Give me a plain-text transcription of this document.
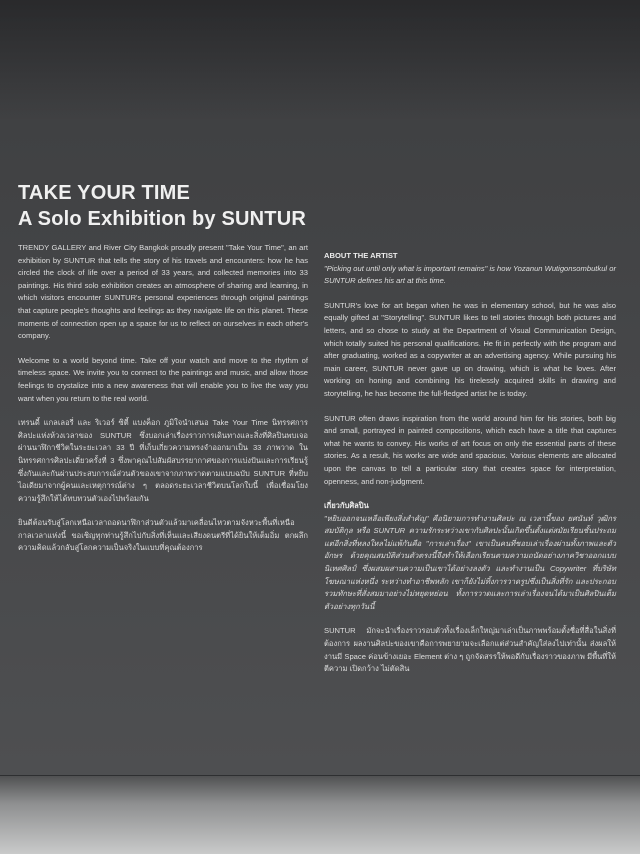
TAKE YOUR TIME
A Solo Exhibition by SUNTUR

TRENDY GALLERY and River City Bangkok proudly present "Take Your Time", an art exhibition by SUNTUR that tells the story of his travels and encounters: how he has circled the clock of life over a period of 33 years, and collected memories into 33 paintings. His third solo exhibition creates an atmosphere of sharing and learning, in which visitors encounter SUNTUR's personal experiences through original paintings that capture people's thoughts and feelings as they navigate life on this planet. These moments of connection open up a space for us to reflect on ourselves in each other's company.

Welcome to a world beyond time. Take off your watch and move to the rhythm of timeless space. We invite you to connect to the paintings and music, and allow those feelings to crystalize into a new awareness that will enable you to live the way you want when you return to the real world.

เทรนดี้ แกลเลอรี่ และ ริเวอร์ ซิตี้ แบงค็อก ภูมิใจนำเสนอ Take Your Time นิทรรศการศิลปะแห่งห้วงเวลาของ SUNTUR ซึ่งบอกเล่าเรื่องราวการเดินทางและสิ่งที่ศิลปินพบเจอผ่านนาฬิกาชีวิตในระยะเวลา 33 ปี ที่เก็บเกี่ยวความทรงจำออกมาเป็น 33 ภาพวาด ในนิทรรศการศิลปะเดี่ยวครั้งที่ 3 ซึ่งพาคุณไปสัมผัสบรรยากาศของการแบ่งปันและการเรียนรู้ซึ่งกันและกันผ่านประสบการณ์ส่วนตัวของเขาจากภาพวาดตามแบบฉบับ SUNTUR ที่หยิบไอเดียมาจากผู้คนและเหตุการณ์ต่าง ๆ ตลอดระยะเวลาชีวิตบนโลกใบนี้ เพื่อเชื่อมโยงความรู้สึกให้ได้ทบทวนตัวเองไปพร้อมกัน

ยินดีต้อนรับสู่โลกเหนือเวลาถอดนาฬิกาส่วนตัวแล้วมาเคลื่อนไหวตามจังหวะพื้นที่เหนือกาลเวลาแห่งนี้ ขอเชิญทุกท่านรู้สึกไปกับสิ่งที่เห็นและเสียงดนตรีที่ได้ยินให้เต็มอิ่ม ตกผลึกความคิดแล้วกลับสู่โลกความเป็นจริงในแบบที่คุณต้องการ

ABOUT THE ARTIST

"Picking out until only what is important remains" is how Yozanun Wutigonsombutkul or SUNTUR defines his art at this time.

SUNTUR's love for art began when he was in elementary school, but he was also equally gifted at "Storytelling". SUNTUR likes to tell stories through both pictures and letters, and so chose to study at the Department of Visual Communication Design, which totally suited his personal qualifications. He fit in perfectly with the program and after graduating, worked as a copywriter at an advertising agency. While pursuing his main career, SUNTUR never gave up on drawing, which is what he loves. After working on honing and combining his tirelessly acquired skills in drawing and storytelling, he has become the full-fledged artist he is today.

SUNTUR often draws inspiration from the world around him for his stories, both big and small, portrayed in painted compositions, which each have a title that captures what he wants to convey. His works of art focus on only the essential parts of these stories. As a result, his works are wide and spacious. Various elements are allocated upon the canvas to tell a particular story that creates space for interpretation, openness, and non-judgment.

เกี่ยวกับศิลปิน

"หยิบออกจนเหลือเพียงสิ่งสำคัญ" คือนิยามการทำงานศิลปะ ณ เวลานี้ของ ยศนันท์ วุฒิกรสมบัติกุล หรือ SUNTUR ความรักระหว่างเขากับศิลปะนั้นเกิดขึ้นตั้งแต่สมัยเรียนชั้นประถม แต่อีกสิ่งที่หลงใหลไม่แพ้กันคือ "การเล่าเรื่อง" เขาเป็นคนที่ชอบเล่าเรื่องผ่านทั้งภาพและตัวอักษร ด้วยคุณสมบัติส่วนตัวตรงนี้จึงทำให้เลือกเรียนตามความถนัดอย่างภาควิชาออกแบบนิเทศศิลป์ ซึ่งผสมผสานความเป็นเขาได้อย่างลงตัว และทำงานเป็น Copywriter ที่บริษัทโฆษณาแห่งหนึ่ง ระหว่างทำอาชีพหลัก เขาก็ยังไม่ทิ้งการวาดรูปซึ่งเป็นสิ่งที่รัก และประกอบรวมทักษะที่สั่งสมมาอย่างไม่หยุดหย่อน ทั้งการวาดและการเล่าเรื่องจนได้มาเป็นศิลปินเต็มตัวอย่างทุกวันนี้

SUNTUR มักจะนำเรื่องราวรอบตัวทั้งเรื่องเล็กใหญ่มาเล่าเป็นภาพพร้อมตั้งชื่อที่สื่อในสิ่งที่ต้องการ ผลงานศิลปะของเขาคือการพยายามจะเลือกแต่ส่วนสำคัญใส่ลงไปเท่านั้น ส่งผลให้งานมี Space ค่อนข้างเยอะ Element ต่าง ๆ ถูกจัดสรรให้พอดีกับเรื่องราวของภาพ มีพื้นที่ให้ตีความ เปิดกว้าง ไม่ตัดสิน
